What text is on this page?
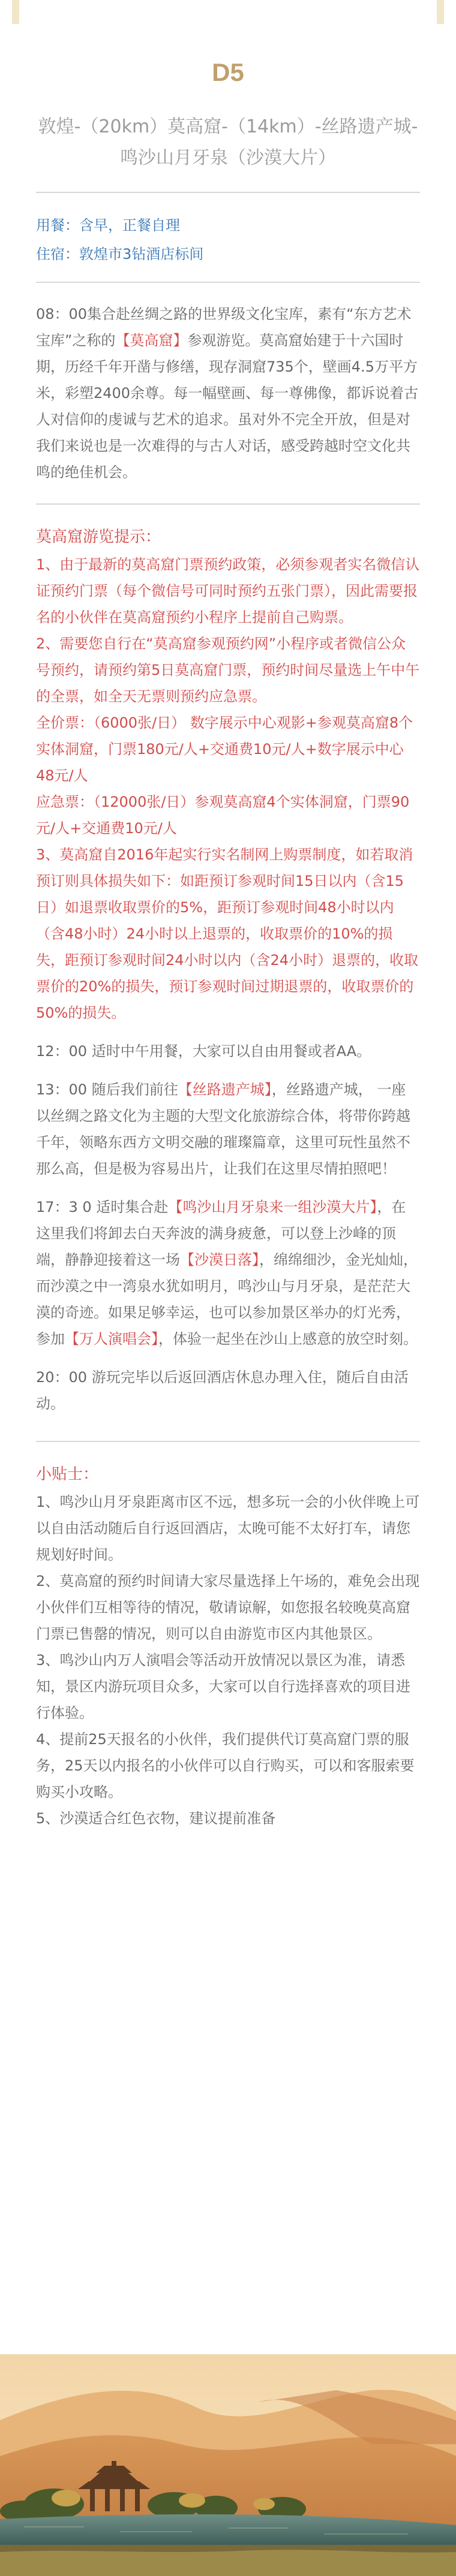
D5
敦煌-（20km）莫高窟-（14km）-丝路遗产城-鸣沙山月牙泉（沙漠大片）
用餐：含早，正餐自理
住宿：敦煌市3钻酒店标间
08：00集合赴丝绸之路的世界级文化宝库，素有“东方艺术宝库”之称的【莫高窟】参观游览。莫高窟始建于十六国时期，历经千年开凿与修缮，现存洞窟735个，壁画4.5万平方米，彩塑2400余尊。每一幅壁画、每一尊佛像，都诉说着古人对信仰的虔诚与艺术的追求。虽对外不完全开放，但是对我们来说也是一次难得的与古人对话，感受跨越时空文化共鸣的绝佳机会。
莫高窟游览提示：
1、由于最新的莫高窟门票预约政策，必须参观者实名微信认证预约门票（每个微信号可同时预约五张门票），因此需要报名的小伙伴在莫高窟预约小程序上提前自己购票。
2、需要您自行在“莫高窟参观预约网”小程序或者微信公众号预约，请预约第5日莫高窟门票，预约时间尽量选上午中午的全票，如全天无票则预约应急票。
全价票：（6000张/日） 数字展示中心观影+参观莫高窟8个实体洞窟，门票180元/人+交通费10元/人+数字展示中心48元/人
应急票：（12000张/日）参观莫高窟4个实体洞窟，门票90元/人+交通费10元/人
3、莫高窟自2016年起实行实名制网上购票制度，如若取消预订则具体损失如下：如距预订参观时间15日以内（含15日）如退票收取票价的5%，距预订参观时间48小时以内（含48小时）24小时以上退票的，收取票价的10%的损失，距预订参观时间24小时以内（含24小时）退票的，收取票价的20%的损失，预订参观时间过期退票的，收取票价的50%的损失。
12：00 适时中午用餐，大家可以自由用餐或者AA。
13：00 随后我们前往【丝路遗产城】，丝路遗产城， 一座以丝绸之路文化为主题的大型文化旅游综合体，将带你跨越千年，领略东西方文明交融的璀璨篇章，这里可玩性虽然不那么高，但是极为容易出片，让我们在这里尽情拍照吧！
17：3 0 适时集合赴【鸣沙山月牙泉来一组沙漠大片】，在这里我们将卸去白天奔波的满身疲惫，可以登上沙峰的顶端，静静迎接着这一场【沙漠日落】，绵绵细沙，金光灿灿，而沙漠之中一湾泉水犹如明月，鸣沙山与月牙泉，是茫茫大漠的奇迹。如果足够幸运，也可以参加景区举办的灯光秀，参加【万人演唱会】，体验一起坐在沙山上感意的放空时刻。
20：00 游玩完毕以后返回酒店休息办理入住，随后自由活动。
小贴士：
1、鸣沙山月牙泉距离市区不远，想多玩一会的小伙伴晚上可以自由活动随后自行返回酒店，太晚可能不太好打车，请您规划好时间。
2、莫高窟的预约时间请大家尽量选择上午场的，难免会出现小伙伴们互相等待的情况，敬请谅解，如您报名较晚莫高窟门票已售罄的情况，则可以自由游览市区内其他景区。
3、鸣沙山内万人演唱会等活动开放情况以景区为准，请悉知，景区内游玩项目众多，大家可以自行选择喜欢的项目进行体验。
4、提前25天报名的小伙伴，我们提供代订莫高窟门票的服务，25天以内报名的小伙伴可以自行购买，可以和客服索要购买小攻略。
5、沙漠适合红色衣物，建议提前准备
